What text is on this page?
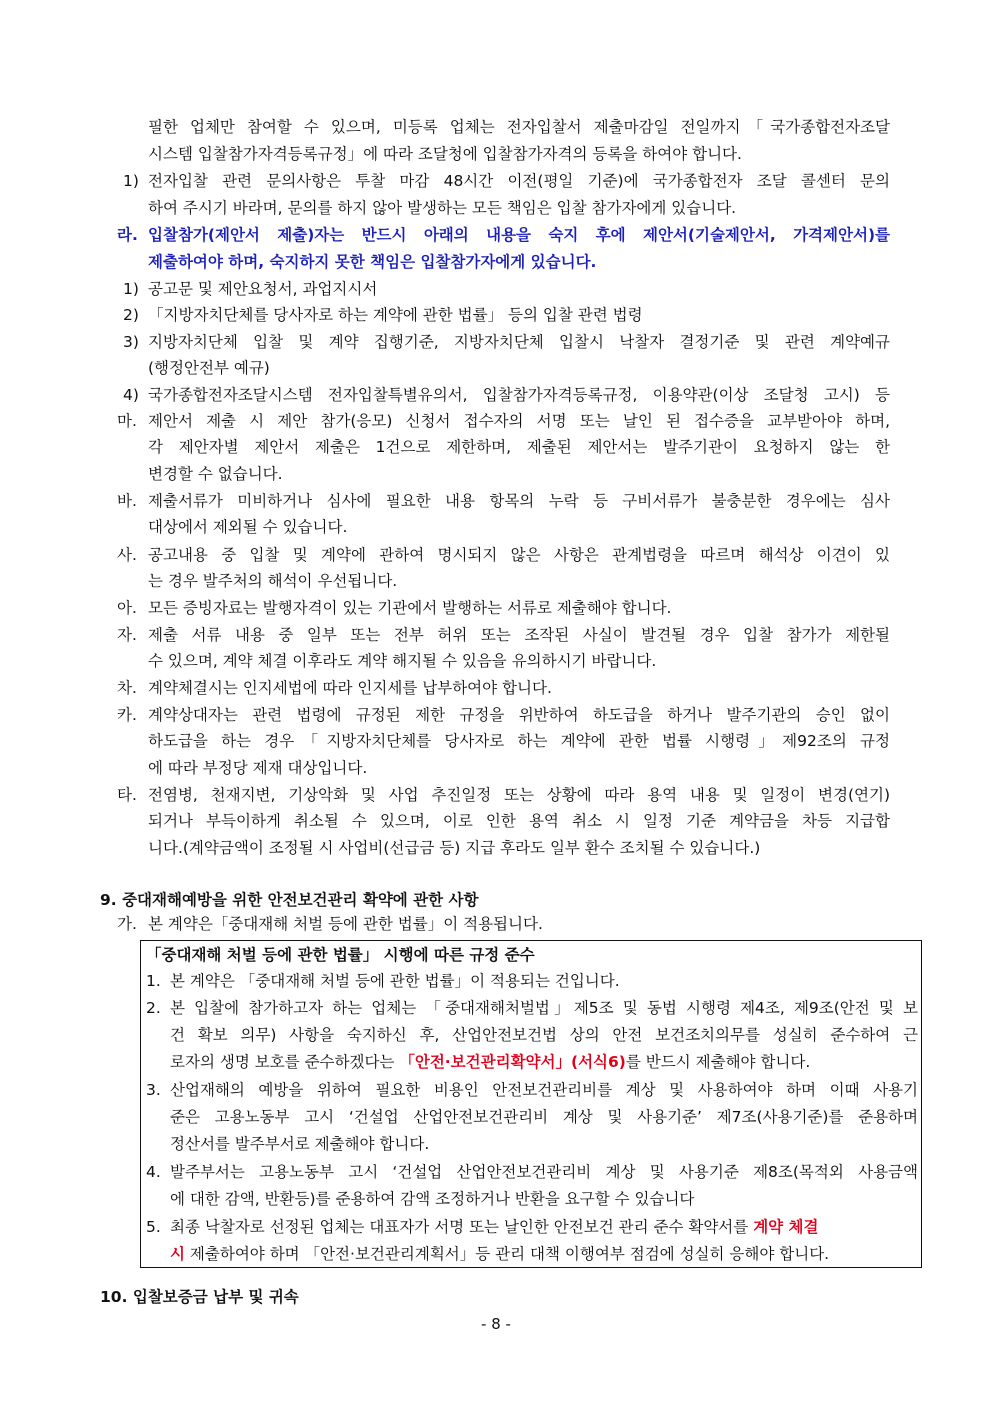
필한 업체만 참여할 수 있으며, 미등록 업체는 전자입찰서 제출마감일 전일까지「국가종합전자조달
시스템 입찰참가자격등록규정」에 따라 조달청에 입찰참가자격의 등록을 하여야 합니다.
1) 전자입찰 관련 문의사항은 투찰 마감 48시간 이전(평일 기준)에 국가종합전자 조달 콜센터 문의
하여 주시기 바라며, 문의를 하지 않아 발생하는 모든 책임은 입찰 참가자에게 있습니다.
라. 입찰참가(제안서 제출)자는 반드시 아래의 내용을 숙지 후에 제안서(기술제안서, 가격제안서)를
제출하여야 하며, 숙지하지 못한 책임은 입찰참가자에게 있습니다.
1) 공고문 및 제안요청서, 과업지시서
2) 「지방자치단체를 당사자로 하는 계약에 관한 법률」 등의 입찰 관련 법령
3) 지방자치단체 입찰 및 계약 집행기준, 지방자치단체 입찰시 낙찰자 결정기준 및 관련 계약예규
(행정안전부 예규)
4) 국가종합전자조달시스템 전자입찰특별유의서, 입찰참가자격등록규정, 이용약관(이상 조달청 고시) 등
마. 제안서 제출 시 제안 참가(응모) 신청서 접수자의 서명 또는 날인 된 접수증을 교부받아야 하며,
각 제안자별 제안서 제출은 1건으로 제한하며, 제출된 제안서는 발주기관이 요청하지 않는 한
변경할 수 없습니다.
바. 제출서류가 미비하거나 심사에 필요한 내용 항목의 누락 등 구비서류가 불충분한 경우에는 심사
대상에서 제외될 수 있습니다.
사. 공고내용 중 입찰 및 계약에 관하여 명시되지 않은 사항은 관계법령을 따르며 해석상 이견이 있
는 경우 발주처의 해석이 우선됩니다.
아. 모든 증빙자료는 발행자격이 있는 기관에서 발행하는 서류로 제출해야 합니다.
자. 제출 서류 내용 중 일부 또는 전부 허위 또는 조작된 사실이 발견될 경우 입찰 참가가 제한될
수 있으며, 계약 체결 이후라도 계약 해지될 수 있음을 유의하시기 바랍니다.
차. 계약체결시는 인지세법에 따라 인지세를 납부하여야 합니다.
카. 계약상대자는 관련 법령에 규정된 제한 규정을 위반하여 하도급을 하거나 발주기관의 승인 없이
하도급을 하는 경우「지방자치단체를 당사자로 하는 계약에 관한 법률 시행령」제92조의 규정
에 따라 부정당 제재 대상입니다.
타. 전염병, 천재지변, 기상악화 및 사업 추진일정 또는 상황에 따라 용역 내용 및 일정이 변경(연기)
되거나 부득이하게 취소될 수 있으며, 이로 인한 용역 취소 시 일정 기준 계약금을 차등 지급합
니다.(계약금액이 조정될 시 사업비(선급금 등) 지급 후라도 일부 환수 조치될 수 있습니다.)
9. 중대재해예방을 위한 안전보건관리 확약에 관한 사항
가. 본 계약은「중대재해 처벌 등에 관한 법률」이 적용됩니다.
「중대재해 처벌 등에 관한 법률」 시행에 따른 규정 준수
1. 본 계약은 「중대재해 처벌 등에 관한 법률」이 적용되는 건입니다.
2. 본 입찰에 참가하고자 하는 업체는 「중대재해처벌법」제5조 및 동법 시행령 제4조, 제9조(안전 및 보
건 확보 의무) 사항을 숙지하신 후, 산업안전보건법 상의 안전 보건조치의무를 성실히 준수하여 근
로자의 생명 보호를 준수하겠다는 「안전·보건관리확약서」(서식6)를 반드시 제출해야 합니다.
3. 산업재해의 예방을 위하여 필요한 비용인 안전보건관리비를 계상 및 사용하여야 하며 이때 사용기
준은 고용노동부 고시 ‘건설업 산업안전보건관리비 계상 및 사용기준’ 제7조(사용기준)를 준용하며
정산서를 발주부서로 제출해야 합니다.
4. 발주부서는 고용노동부 고시 ‘건설업 산업안전보건관리비 계상 및 사용기준 제8조(목적외 사용금액
에 대한 감액, 반환등)를 준용하여 감액 조정하거나 반환을 요구할 수 있습니다
5. 최종 낙찰자로 선정된 업체는 대표자가 서명 또는 날인한 안전보건 관리 준수 확약서를 계약 체결
시 제출하여야 하며 「안전·보건관리계획서」등 관리 대책 이행여부 점검에 성실히 응해야 합니다.
10. 입찰보증금 납부 및 귀속
- 8 -
